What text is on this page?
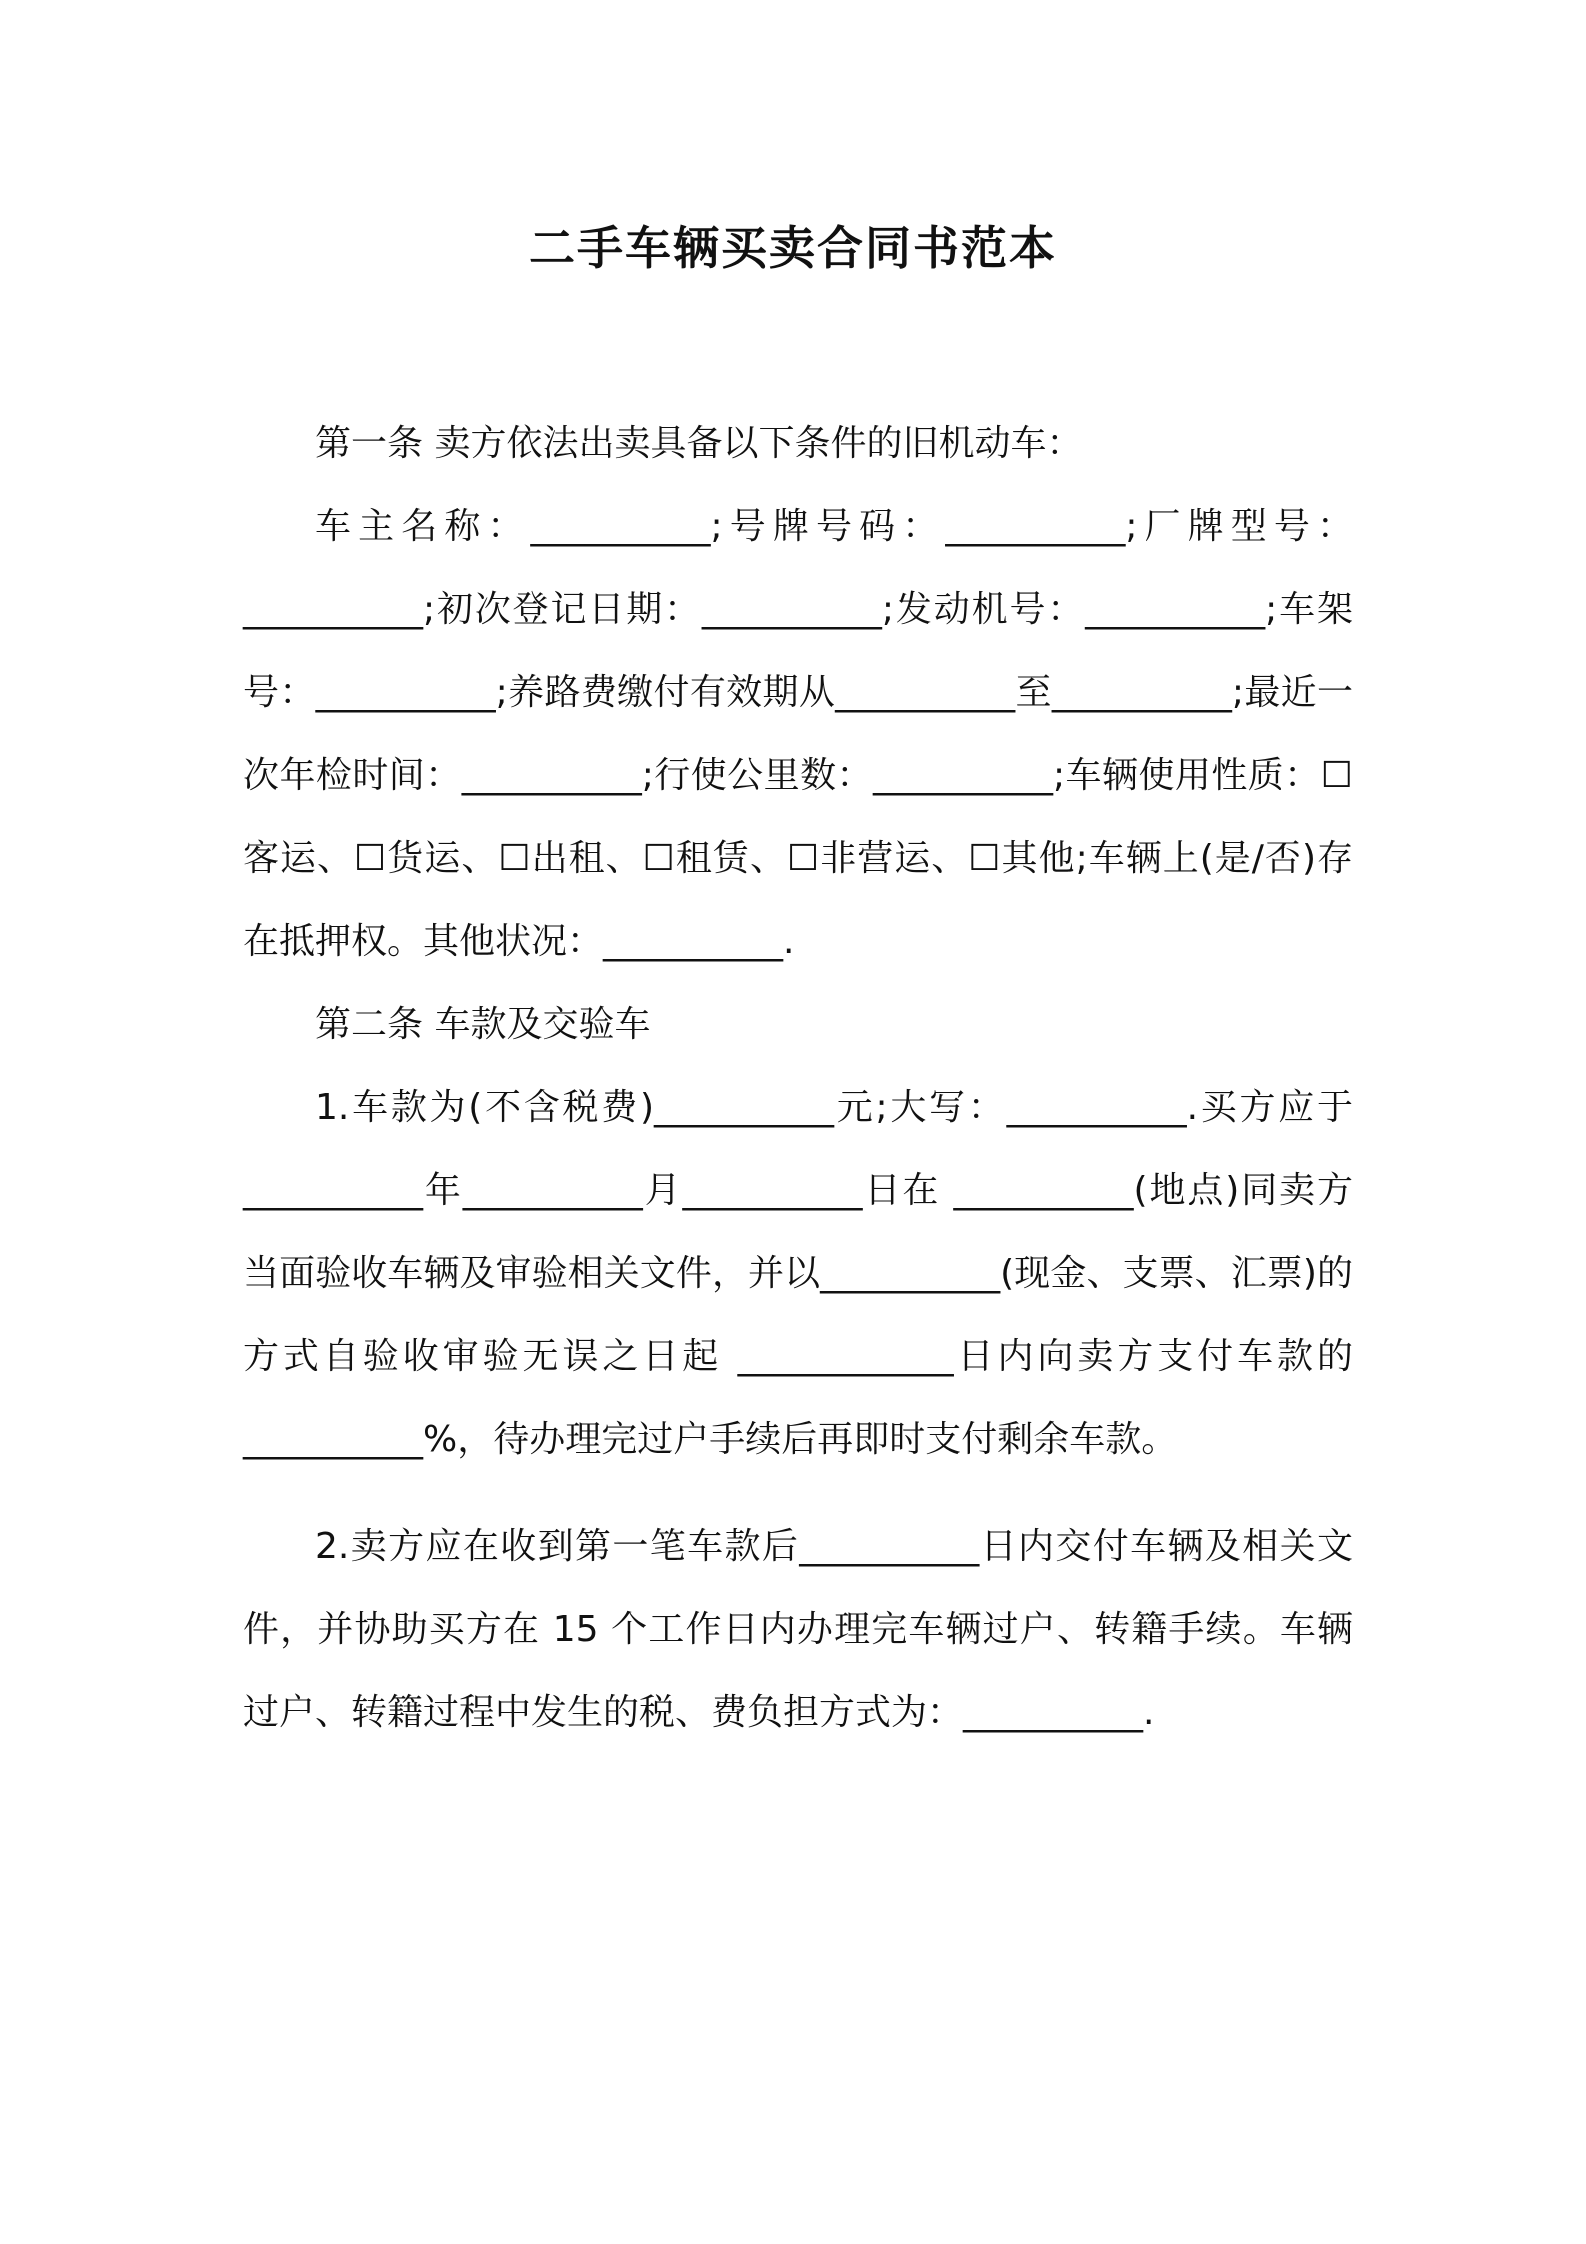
二手车辆买卖合同书范本

第一条 卖方依法出卖具备以下条件的旧机动车：

车主名称：__________;号牌号码：__________;厂牌型号：__________;初次登记日期：__________;发动机号：__________;车架号：__________;养路费缴付有效期从__________至__________;最近一次年检时间：__________;行使公里数：__________;车辆使用性质：☐客运、☐货运、☐出租、☐租赁、☐非营运、☐其他;车辆上(是/否)存在抵押权。其他状况：__________.

第二条 车款及交验车

1.车款为(不含税费)__________元;大写：__________.买方应于__________年__________月__________日在 __________(地点)同卖方当面验收车辆及审验相关文件，并以__________(现金、支票、汇票)的方式自验收审验无误之日起 ____________日内向卖方支付车款的__________%，待办理完过户手续后再即时支付剩余车款。

2.卖方应在收到第一笔车款后__________日内交付车辆及相关文件，并协助买方在 15 个工作日内办理完车辆过户、转籍手续。车辆过户、转籍过程中发生的税、费负担方式为：__________.
